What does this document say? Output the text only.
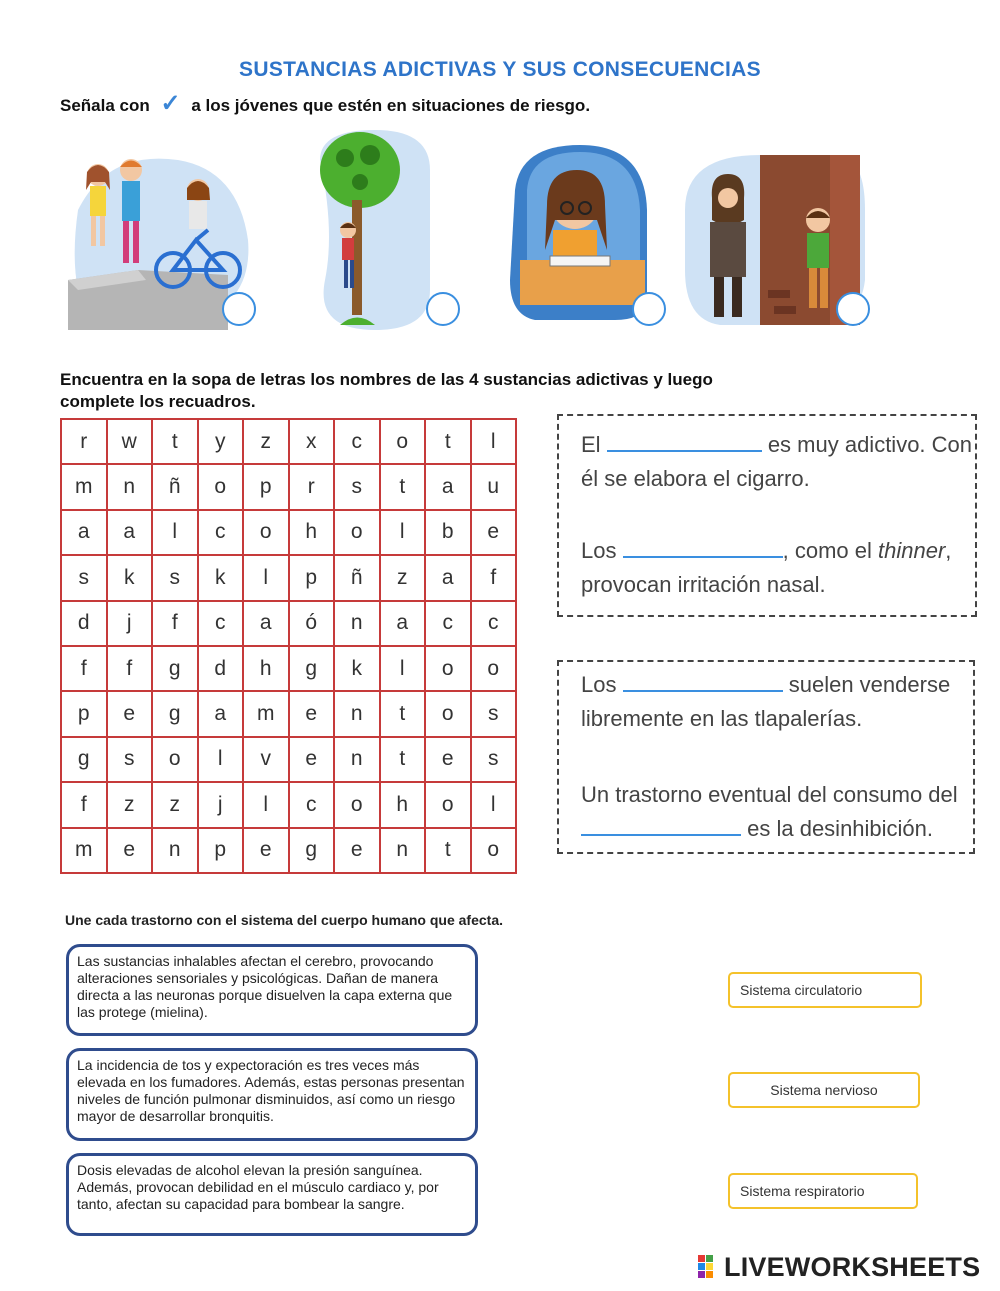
SUSTANCIAS ADICTIVAS Y SUS CONSECUENCIAS
Señala con ✓ a los jóvenes que estén en situaciones de riesgo.
Encuentra en la sopa de letras los nombres de las 4 sustancias adictivas y luego
complete los recuadros.
r	w	t	y	z	x	c	o	t	l
m	n	ñ	o	p	r	s	t	a	u
a	a	l	c	o	h	o	l	b	e
s	k	s	k	l	p	ñ	z	a	f
d	j	f	c	a	ó	n	a	c	c
f	f	g	d	h	g	k	l	o	o
p	e	g	a	m	e	n	t	o	s
g	s	o	l	v	e	n	t	e	s
f	z	z	j	l	c	o	h	o	l
m	e	n	p	e	g	e	n	t	o
El	es muy adictivo. Con
él se elabora el cigarro.
Los	, como el thinner,
provocan irritación nasal.
Los	suelen venderse
libremente en las tlapalerías.
Un trastorno eventual del consumo del
es la desinhibición.
Une cada trastorno con el sistema del cuerpo humano que afecta.
Las sustancias inhalables afectan el cerebro, provocando alteraciones sensoriales y psicológicas. Dañan de manera directa a las neuronas porque disuelven la capa externa que las protege (mielina).
La incidencia de tos y expectoración es tres veces más elevada en los fumadores. Además, estas personas presentan niveles de función pulmonar disminuidos, así como un riesgo mayor de desarrollar bronquitis.
Dosis elevadas de alcohol elevan la presión sanguínea. Además, provocan debilidad en el músculo cardiaco y, por tanto, afectan su capacidad para bombear la sangre.
Sistema circulatorio
Sistema nervioso
Sistema respiratorio
LIVEWORKSHEETS
